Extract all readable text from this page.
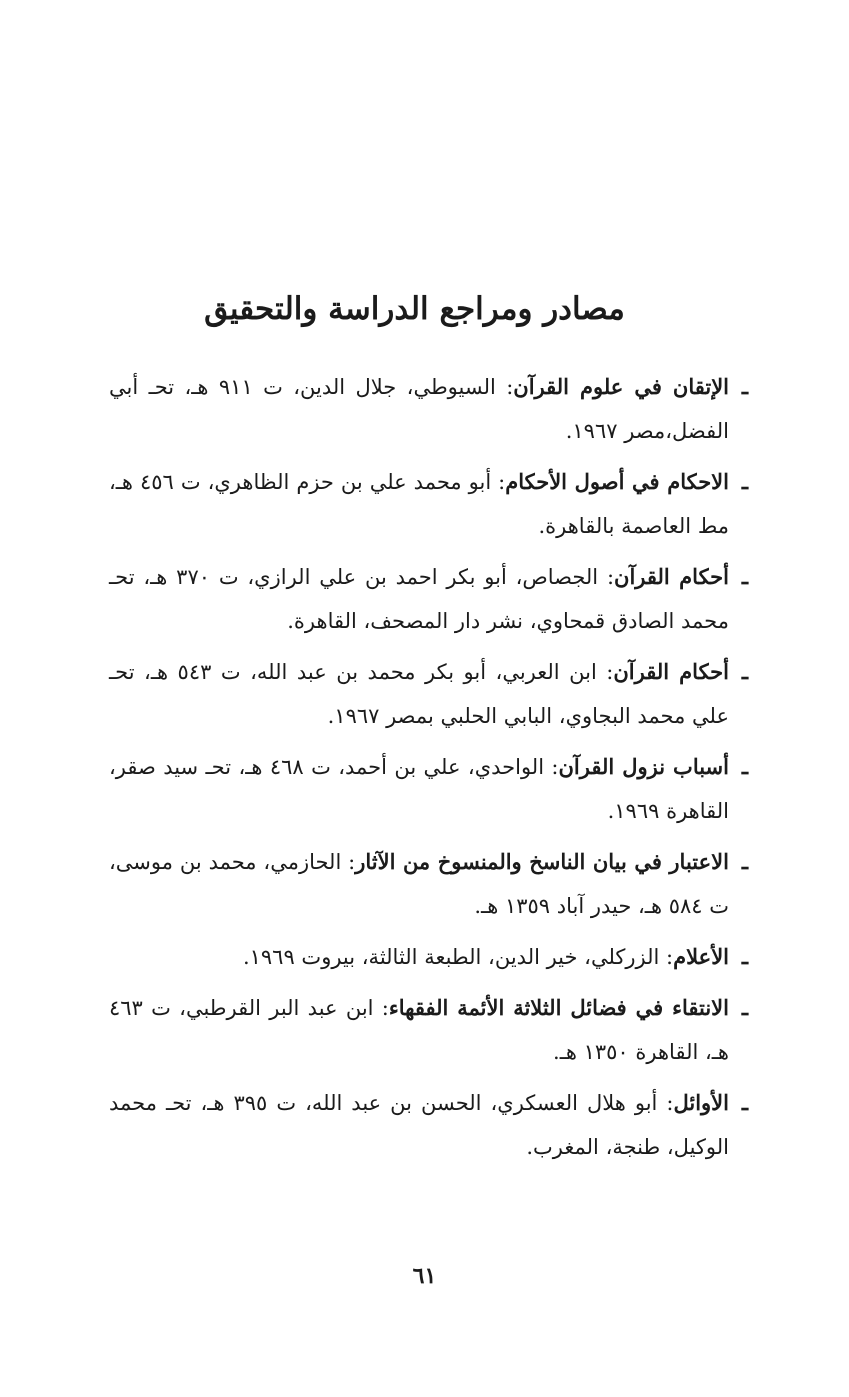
مصادر ومراجع الدراسة والتحقيق
ـ
الإتقان في علوم القرآن: السيوطي، جلال الدين، ت ٩١١ هـ، تحـ أبي الفضل،مصر ١٩٦٧.
ـ
الاحكام في أصول الأحكام: أبو محمد علي بن حزم الظاهري، ت ٤٥٦ هـ، مط العاصمة بالقاهرة.
ـ
أحكام القرآن: الجصاص، أبو بكر احمد بن علي الرازي، ت ٣٧٠ هـ، تحـ محمد الصادق قمحاوي، نشر دار المصحف، القاهرة.
ـ
أحكام القرآن: ابن العربي، أبو بكر محمد بن عبد الله، ت ٥٤٣ هـ، تحـ علي محمد البجاوي، البابي الحلبي بمصر ١٩٦٧.
ـ
أسباب نزول القرآن: الواحدي، علي بن أحمد، ت ٤٦٨ هـ، تحـ سيد صقر، القاهرة ١٩٦٩.
ـ
الاعتبار في بيان الناسخ والمنسوخ من الآثار: الحازمي، محمد بن موسى، ت ٥٨٤ هـ، حيدر آباد ١٣٥٩ هـ.
ـ
الأعلام: الزركلي، خير الدين، الطبعة الثالثة، بيروت ١٩٦٩.
ـ
الانتقاء في فضائل الثلاثة الأئمة الفقهاء: ابن عبد البر القرطبي، ت ٤٦٣ هـ، القاهرة ١٣٥٠ هـ.
ـ
الأوائل: أبو هلال العسكري، الحسن بن عبد الله، ت ٣٩٥ هـ، تحـ محمد الوكيل، طنجة، المغرب.
٦١
